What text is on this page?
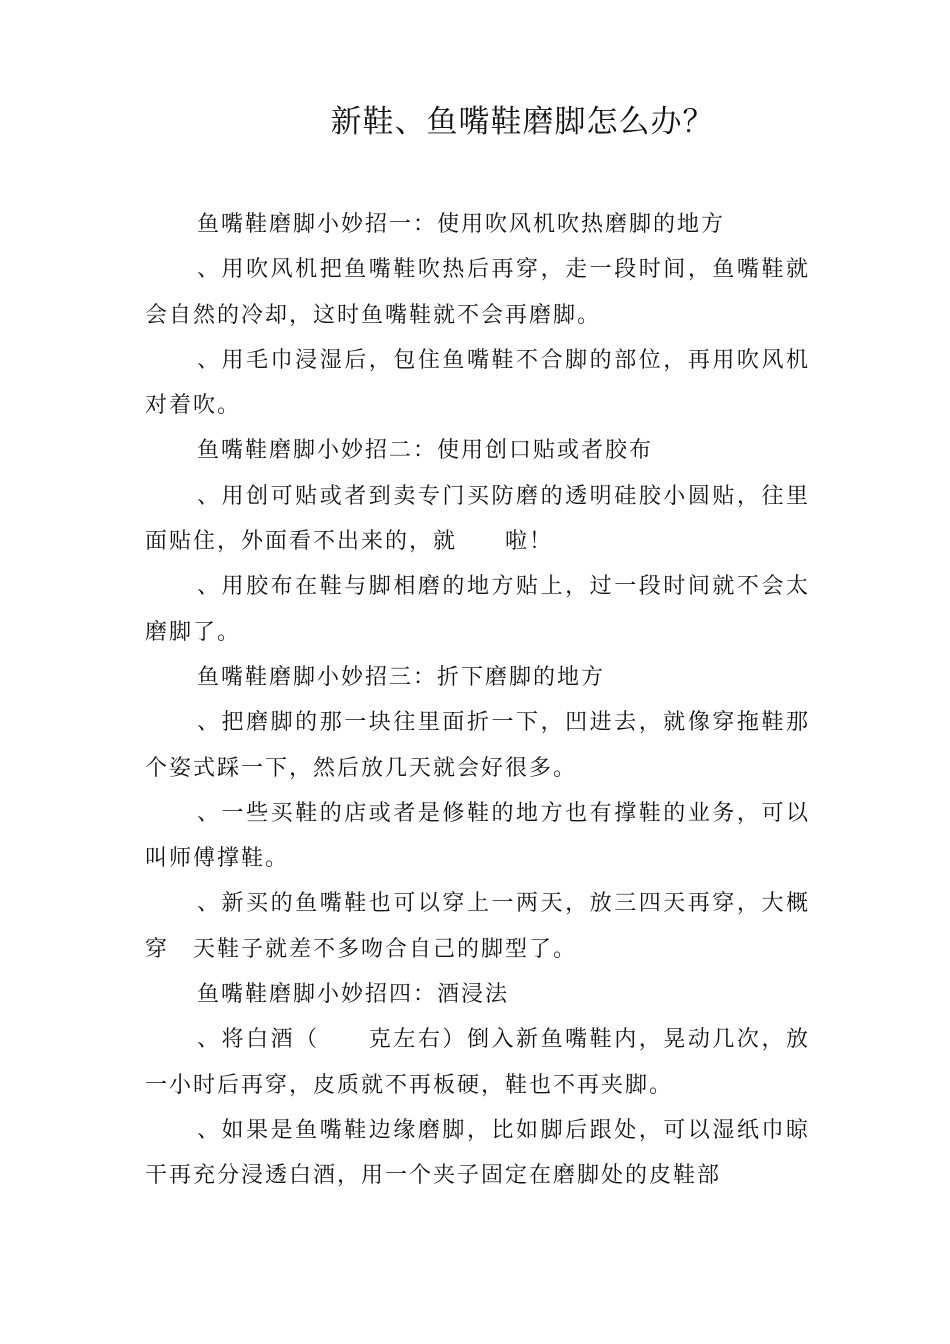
新鞋、鱼嘴鞋磨脚怎么办？

鱼嘴鞋磨脚小妙招一：使用吹风机吹热磨脚的地方

、用吹风机把鱼嘴鞋吹热后再穿，走一段时间，鱼嘴鞋就会自然的冷却，这时鱼嘴鞋就不会再磨脚。

、用毛巾浸湿后，包住鱼嘴鞋不合脚的部位，再用吹风机对着吹。

鱼嘴鞋磨脚小妙招二：使用创口贴或者胶布

、用创可贴或者到卖专门买防磨的透明硅胶小圆贴，往里面贴住，外面看不出来的，就　　啦！

、用胶布在鞋与脚相磨的地方贴上，过一段时间就不会太磨脚了。

鱼嘴鞋磨脚小妙招三：折下磨脚的地方

、把磨脚的那一块往里面折一下，凹进去，就像穿拖鞋那个姿式踩一下，然后放几天就会好很多。

、一些买鞋的店或者是修鞋的地方也有撑鞋的业务，可以叫师傅撑鞋。

、新买的鱼嘴鞋也可以穿上一两天，放三四天再穿，大概穿　天鞋子就差不多吻合自己的脚型了。

鱼嘴鞋磨脚小妙招四：酒浸法

、将白酒（　　克左右）倒入新鱼嘴鞋内，晃动几次，放一小时后再穿，皮质就不再板硬，鞋也不再夹脚。

、如果是鱼嘴鞋边缘磨脚，比如脚后跟处，可以湿纸巾晾干再充分浸透白酒，用一个夹子固定在磨脚处的皮鞋部
